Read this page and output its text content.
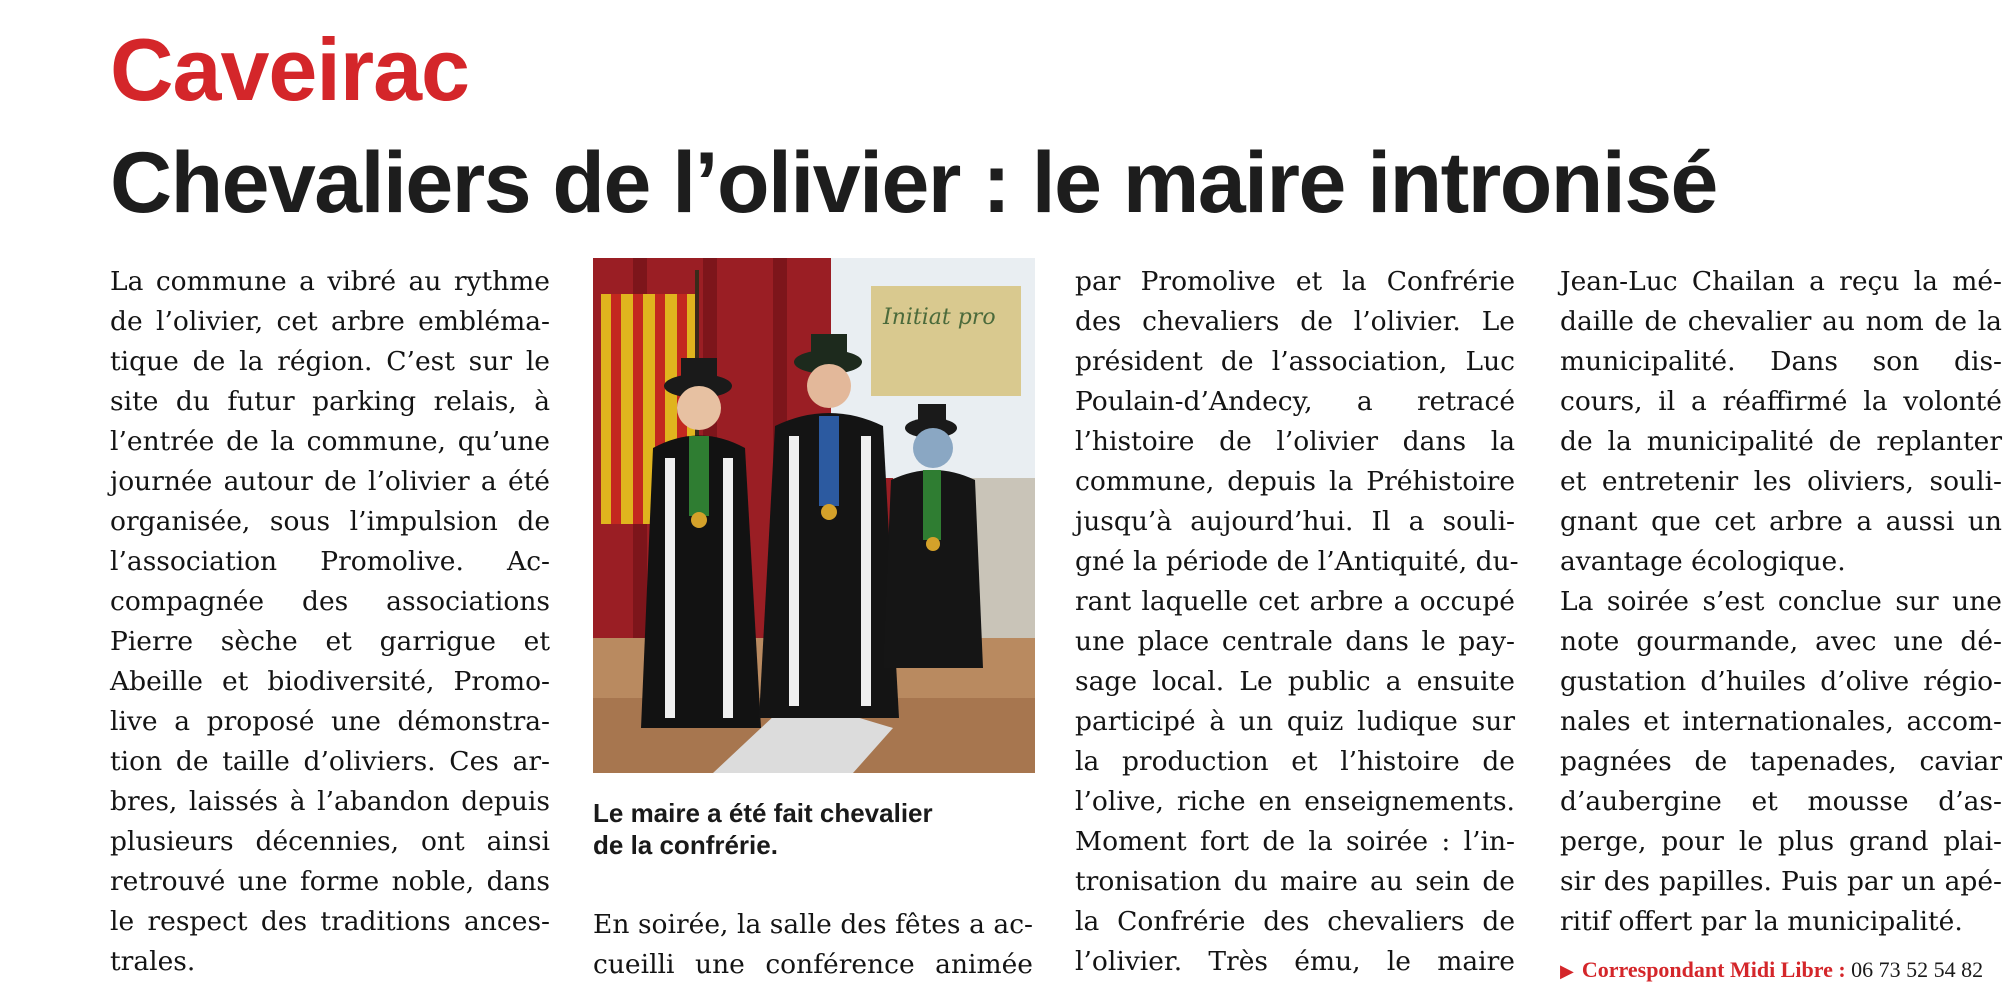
Caveirac
Chevaliers de l’olivier : le maire intronisé
La commune a vibré au rythme
de l’olivier, cet arbre emblémа-
tique de la région. C’est sur le
site du futur parking relais, à
l’entrée de la commune, qu’une
journée autour de l’olivier a été
organisée, sous l’impulsion de
l’association Promolive. Ac-
compagnée des associations
Pierre sèche et garrigue et
Abeille et biodiversité, Promo-
live a proposé une démonstra-
tion de taille d’oliviers. Ces ar-
bres, laissés à l’abandon depuis
plusieurs décennies, ont ainsi
retrouvé une forme noble, dans
le respect des traditions ances-
trales.
Initiat pro
Le maire a été fait chevalier
de la confrérie.
En soirée, la salle des fêtes a ac-
cueilli une conférence animée
par Promolive et la Confrérie
des chevaliers de l’olivier. Le
président de l’association, Luc
Poulain-d’Andecy, a retracé
l’histoire de l’olivier dans la
commune, depuis la Préhistoire
jusqu’à aujourd’hui. Il a souli-
gné la période de l’Antiquité, du-
rant laquelle cet arbre a occupé
une place centrale dans le pay-
sage local. Le public a ensuite
participé à un quiz ludique sur
la production et l’histoire de
l’olive, riche en enseignements.
Moment fort de la soirée : l’in-
tronisation du maire au sein de
la Confrérie des chevaliers de
l’olivier. Très ému, le maire
Jean-Luc Chailan a reçu la mé-
daille de chevalier au nom de la
municipalité. Dans son dis-
cours, il a réaffirmé la volonté
de la municipalité de replanter
et entretenir les oliviers, souli-
gnant que cet arbre a aussi un
avantage écologique.
La soirée s’est conclue sur une
note gourmande, avec une dé-
gustation d’huiles d’olive régio-
nales et internationales, accom-
pagnées de tapenades, caviar
d’aubergine et mousse d’as-
perge, pour le plus grand plai-
sir des papilles. Puis par un apé-
ritif offert par la municipalité.
▶ Correspondant Midi Libre : 06 73 52 54 82
